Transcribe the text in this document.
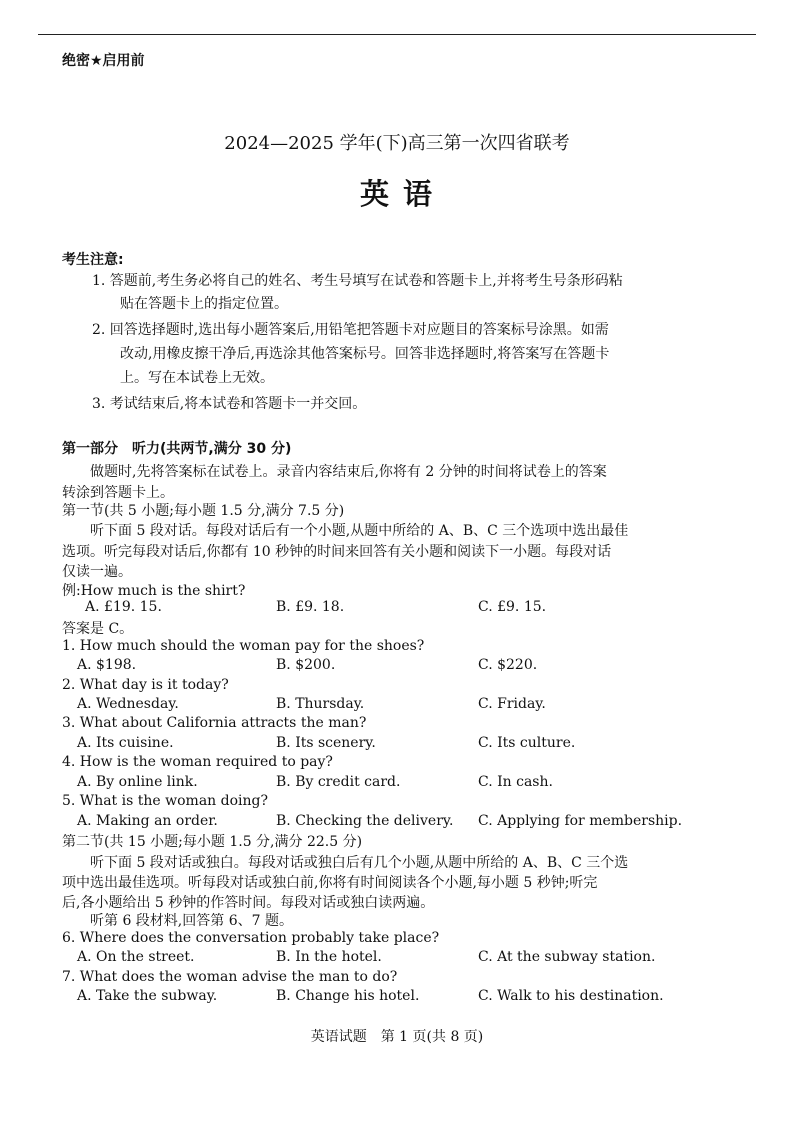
绝密★启用前
2024—2025 学年(下)高三第一次四省联考
英 语
考生注意:
1. 答题前,考生务必将自己的姓名、考生号填写在试卷和答题卡上,并将考生号条形码粘
贴在答题卡上的指定位置。
2. 回答选择题时,选出每小题答案后,用铅笔把答题卡对应题目的答案标号涂黑。如需
改动,用橡皮擦干净后,再选涂其他答案标号。回答非选择题时,将答案写在答题卡
上。写在本试卷上无效。
3. 考试结束后,将本试卷和答题卡一并交回。
第一部分　听力(共两节,满分 30 分)
做题时,先将答案标在试卷上。录音内容结束后,你将有 2 分钟的时间将试卷上的答案
转涂到答题卡上。
第一节(共 5 小题;每小题 1.5 分,满分 7.5 分)
听下面 5 段对话。每段对话后有一个小题,从题中所给的 A、B、C 三个选项中选出最佳
选项。听完每段对话后,你都有 10 秒钟的时间来回答有关小题和阅读下一小题。每段对话
仅读一遍。
例:How much is the shirt?
A. £19. 15.	B. £9. 18.	C. £9. 15.
答案是 C。
1. How much should the woman pay for the shoes?
A. $198.	B. $200.	C. $220.
2. What day is it today?
A. Wednesday.	B. Thursday.	C. Friday.
3. What about California attracts the man?
A. Its cuisine.	B. Its scenery.	C. Its culture.
4. How is the woman required to pay?
A. By online link.	B. By credit card.	C. In cash.
5. What is the woman doing?
A. Making an order.	B. Checking the delivery. C. Applying for membership.
第二节(共 15 小题;每小题 1.5 分,满分 22.5 分)
听下面 5 段对话或独白。每段对话或独白后有几个小题,从题中所给的 A、B、C 三个选
项中选出最佳选项。听每段对话或独白前,你将有时间阅读各个小题,每小题 5 秒钟;听完
后,各小题给出 5 秒钟的作答时间。每段对话或独白读两遍。
听第 6 段材料,回答第 6、7 题。
6. Where does the conversation probably take place?
A. On the street.	B. In the hotel.	C. At the subway station.
7. What does the woman advise the man to do?
A. Take the subway.	B. Change his hotel.	C. Walk to his destination.
英语试题　第 1 页(共 8 页)
